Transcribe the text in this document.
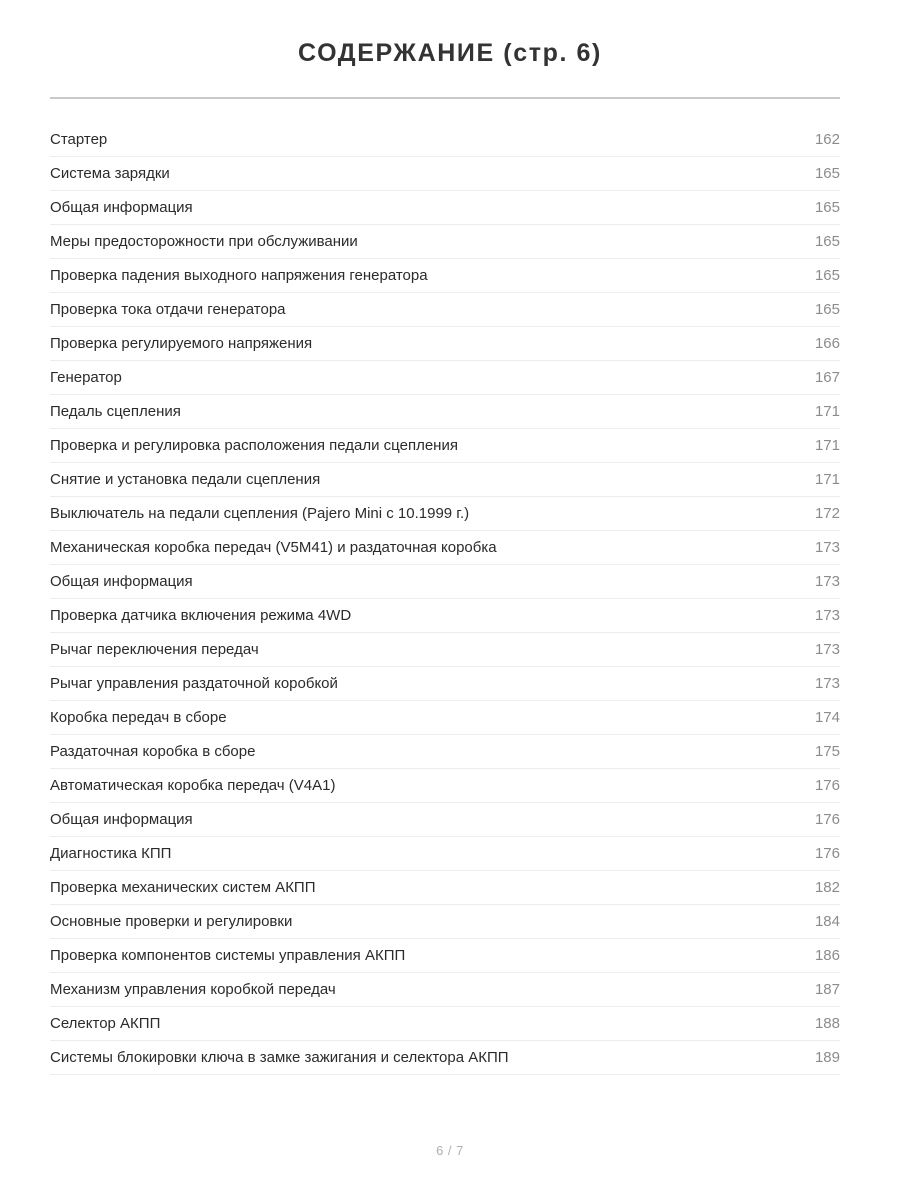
СОДЕРЖАНИЕ (стр. 6)
Стартер	162
Система зарядки	165
Общая информация	165
Меры предосторожности при обслуживании	165
Проверка падения выходного напряжения генератора	165
Проверка тока отдачи генератора	165
Проверка регулируемого напряжения	166
Генератор	167
Педаль сцепления	171
Проверка и регулировка расположения педали сцепления	171
Снятие и установка педали сцепления	171
Выключатель на педали сцепления (Pajero Mini с 10.1999 г.)	172
Механическая коробка передач (V5M41) и раздаточная коробка	173
Общая информация	173
Проверка датчика включения режима 4WD	173
Рычаг переключения передач	173
Рычаг управления раздаточной коробкой	173
Коробка передач в сборе	174
Раздаточная коробка в сборе	175
Автоматическая коробка передач (V4A1)	176
Общая информация	176
Диагностика КПП	176
Проверка механических систем АКПП	182
Основные проверки и регулировки	184
Проверка компонентов системы управления АКПП	186
Механизм управления коробкой передач	187
Селектор АКПП	188
Системы блокировки ключа в замке зажигания и селектора АКПП	189
6 / 7
